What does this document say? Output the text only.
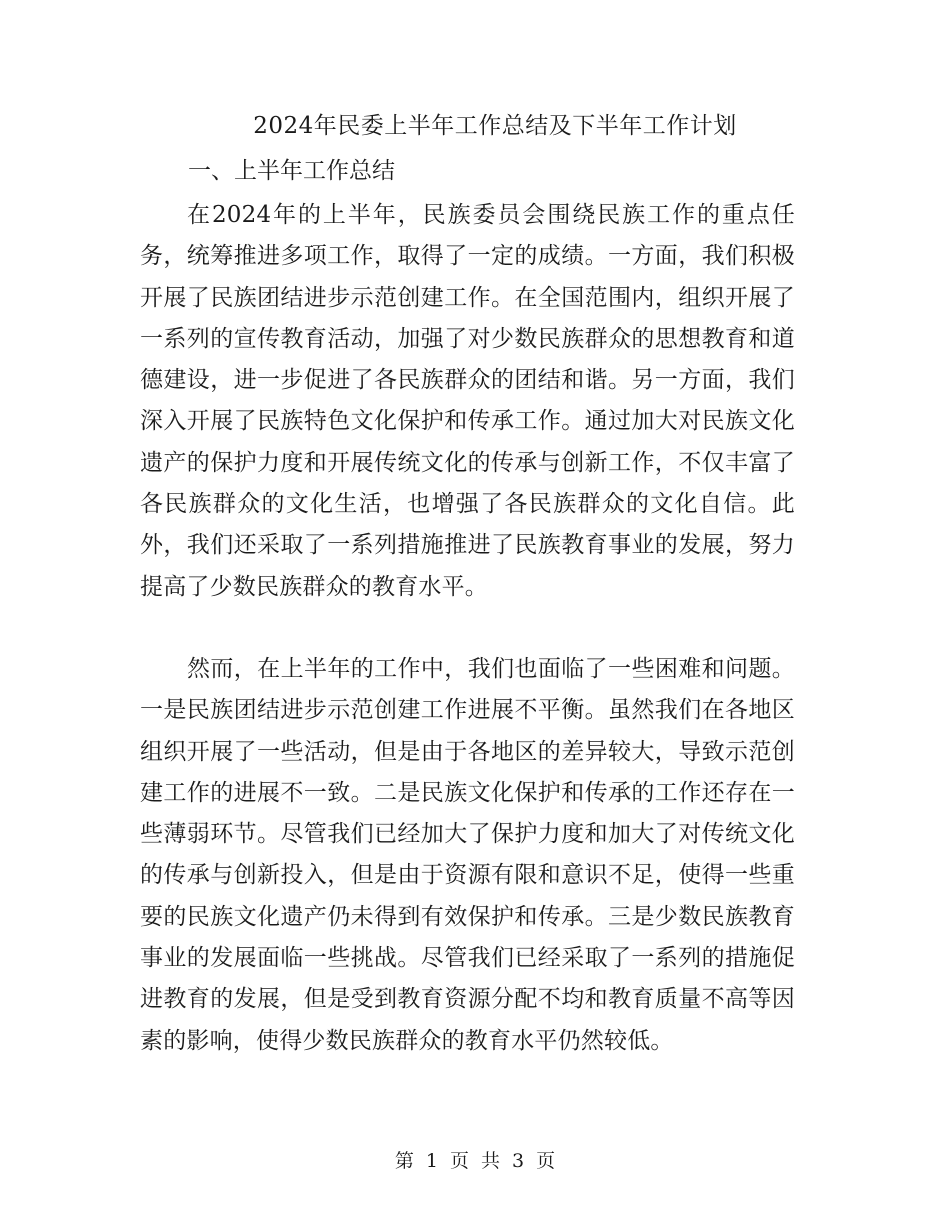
2024年民委上半年工作总结及下半年工作计划
一、上半年工作总结

在2024年的上半年，民族委员会围绕民族工作的重点任务，统筹推进多项工作，取得了一定的成绩。一方面，我们积极开展了民族团结进步示范创建工作。在全国范围内，组织开展了一系列的宣传教育活动，加强了对少数民族群众的思想教育和道德建设，进一步促进了各民族群众的团结和谐。另一方面，我们深入开展了民族特色文化保护和传承工作。通过加大对民族文化遗产的保护力度和开展传统文化的传承与创新工作，不仅丰富了各民族群众的文化生活，也增强了各民族群众的文化自信。此外，我们还采取了一系列措施推进了民族教育事业的发展，努力提高了少数民族群众的教育水平。

然而，在上半年的工作中，我们也面临了一些困难和问题。一是民族团结进步示范创建工作进展不平衡。虽然我们在各地区组织开展了一些活动，但是由于各地区的差异较大，导致示范创建工作的进展不一致。二是民族文化保护和传承的工作还存在一些薄弱环节。尽管我们已经加大了保护力度和加大了对传统文化的传承与创新投入，但是由于资源有限和意识不足，使得一些重要的民族文化遗产仍未得到有效保护和传承。三是少数民族教育事业的发展面临一些挑战。尽管我们已经采取了一系列的措施促进教育的发展，但是受到教育资源分配不均和教育质量不高等因素的影响，使得少数民族群众的教育水平仍然较低。

第 1 页 共 3 页
